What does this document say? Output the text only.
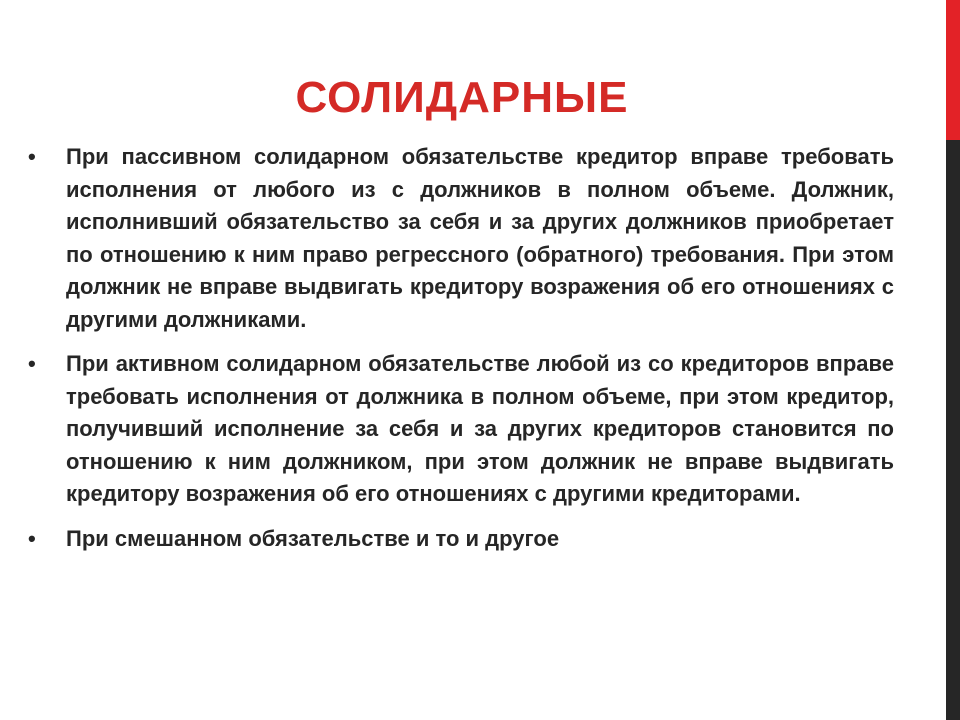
СОЛИДАРНЫЕ
•	При пассивном солидарном обязательстве кредитор вправе требовать исполнения от любого из с должников в полном объеме. Должник, исполнивший обязательство за себя и за других должников приобретает по отношению к ним право регрессного (обратного) требования. При этом должник не вправе выдвигать кредитору возражения об его отношениях с другими должниками.
•	При активном солидарном обязательстве любой из со кредиторов вправе требовать исполнения от должника в полном объеме, при этом кредитор, получивший исполнение за себя и за других кредиторов становится по отношению к ним должником, при этом должник не вправе выдвигать кредитору возражения об его отношениях с другими кредиторами.
•	При смешанном обязательстве и то и другое
